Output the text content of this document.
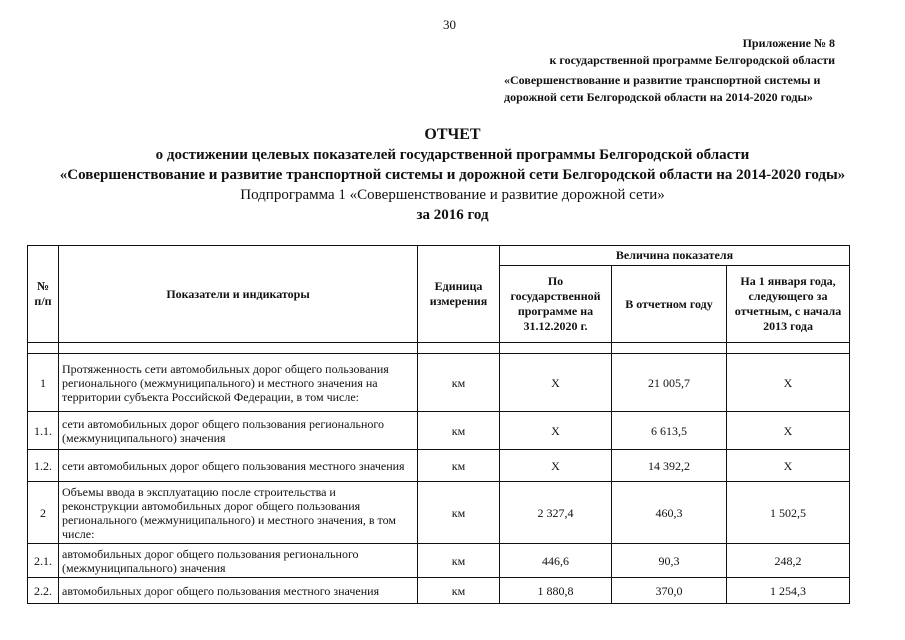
30
Приложение № 8
к государственной программе Белгородской области
«Совершенствование и развитие транспортной системы и
дорожной сети Белгородской области на 2014-2020 годы»
ОТЧЕТ
о достижении целевых показателей государственной программы Белгородской области
«Совершенствование и развитие транспортной системы и дорожной сети Белгородской области на 2014-2020 годы»
Подпрограмма 1 «Совершенствование и развитие дорожной сети»
за 2016 год
№ п/п	Показатели и индикаторы	Единица измерения	Величина показателя		
			По государственной программе на 31.12.2020 г.	В отчетном году	На 1 января года, следующего за отчетным, с начала 2013 года

1	Протяженность сети автомобильных дорог общего пользования регионального (межмуниципального) и местного значения на территории субъекта Российской Федерации, в том числе:	км	X	21 005,7	X
1.1.	сети автомобильных дорог общего пользования регионального (межмуниципального) значения	км	X	6 613,5	X
1.2.	сети автомобильных дорог общего пользования местного значения	км	X	14 392,2	X
2	Объемы ввода в эксплуатацию после строительства и реконструкции автомобильных дорог общего пользования регионального (межмуниципального) и местного значения, в том числе:	км	2 327,4	460,3	1 502,5
2.1.	автомобильных дорог общего пользования регионального (межмуниципального) значения	км	446,6	90,3	248,2
2.2.	автомобильных дорог общего пользования местного значения	км	1 880,8	370,0	1 254,3
